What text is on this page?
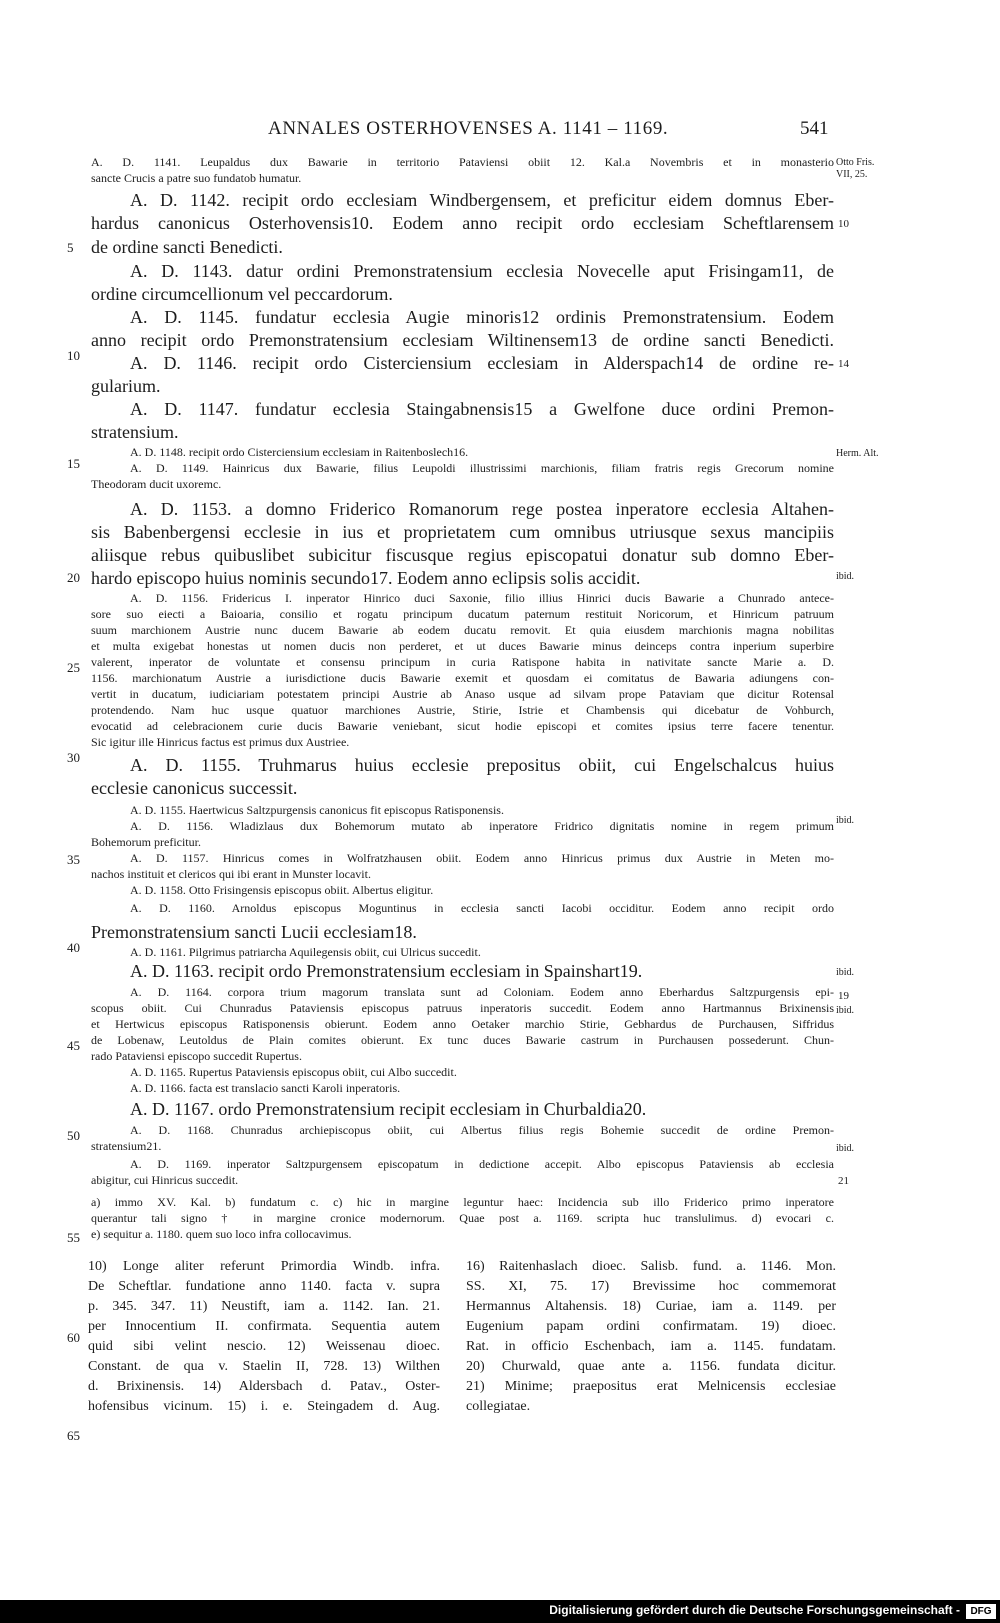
ANNALES OSTERHOVENSES A. 1141 – 1169.	541
A. D. 1141. Leupaldus dux Bawarie in territorio Pataviensi obiit 12. Kal.a Novembris et in monasterio
sancte Crucis a patre suo fundatob humatur.
A. D. 1142. recipit ordo ecclesiam Windbergensem, et preficitur eidem domnus Eber-
hardus canonicus Osterhovensis10. Eodem anno recipit ordo ecclesiam Scheftlarensem
de ordine sancti Benedicti.
A. D. 1143. datur ordini Premonstratensium ecclesia Novecelle aput Frisingam11, de
ordine circumcellionum vel peccardorum.
A. D. 1145. fundatur ecclesia Augie minoris12 ordinis Premonstratensium. Eodem
anno recipit ordo Premonstratensium ecclesiam Wiltinensem13 de ordine sancti Benedicti.
A. D. 1146. recipit ordo Cisterciensium ecclesiam in Alderspach14 de ordine re-
gularium.
A. D. 1147. fundatur ecclesia Staingabnensis15 a Gwelfone duce ordini Premon-
stratensium.
A. D. 1148. recipit ordo Cisterciensium ecclesiam in Raitenboslech16.
A. D. 1149. Hainricus dux Bawarie, filius Leupoldi illustrissimi marchionis, filiam fratris regis Grecorum nomine
Theodoram ducit uxoremc.
A. D. 1153. a domno Friderico Romanorum rege postea inperatore ecclesia Altahen-
sis Babenbergensi ecclesie in ius et proprietatem cum omnibus utriusque sexus mancipiis
aliisque rebus quibuslibet subicitur fiscusque regius episcopatui donatur sub domno Eber-
hardo episcopo huius nominis secundo17. Eodem anno eclipsis solis accidit.
A. D. 1156. Fridericus I. inperator Hinrico duci Saxonie, filio illius Hinrici ducis Bawarie a Chunrado antece-
sore suo eiecti a Baioaria, consilio et rogatu principum ducatum paternum restituit Noricorum, et Hinricum patruum
suum marchionem Austrie nunc ducem Bawarie ab eodem ducatu removit. Et quia eiusdem marchionis magna nobilitas
et multa exigebat honestas ut nomen ducis non perderet, et ut duces Bawarie minus deinceps contra inperium superbire
valerent, inperator de voluntate et consensu principum in curia Ratispone habita in nativitate sancte Marie a. D.
1156. marchionatum Austrie a iurisdictione ducis Bawarie exemit et quosdam ei comitatus de Bawaria adiungens con-
vertit in ducatum, iudiciariam potestatem principi Austrie ab Anaso usque ad silvam prope Pataviam que dicitur Rotensal
protendendo. Nam huc usque quatuor marchiones Austrie, Stirie, Istrie et Chambensis qui dicebatur de Vohburch,
evocatid ad celebracionem curie ducis Bawarie veniebant, sicut hodie episcopi et comites ipsius terre facere tenentur.
Sic igitur ille Hinricus factus est primus dux Austriee.
A. D. 1155. Truhmarus huius ecclesie prepositus obiit, cui Engelschalcus huius
ecclesie canonicus successit.
A. D. 1155. Haertwicus Saltzpurgensis canonicus fit episcopus Ratisponensis.
A. D. 1156. Wladizlaus dux Bohemorum mutato ab inperatore Fridrico dignitatis nomine in regem primum
Bohemorum preficitur.
A. D. 1157. Hinricus comes in Wolfratzhausen obiit. Eodem anno Hinricus primus dux Austrie in Meten mo-
nachos instituit et clericos qui ibi erant in Munster locavit.
A. D. 1158. Otto Frisingensis episcopus obiit. Albertus eligitur.
A. D. 1160. Arnoldus episcopus Moguntinus in ecclesia sancti Iacobi occiditur. Eodem anno recipit ordo
Premonstratensium sancti Lucii ecclesiam18.
A. D. 1161. Pilgrimus patriarcha Aquilegensis obiit, cui Ulricus succedit.
A. D. 1163. recipit ordo Premonstratensium ecclesiam in Spainshart19.
A. D. 1164. corpora trium magorum translata sunt ad Coloniam. Eodem anno Eberhardus Saltzpurgensis epi-
scopus obiit. Cui Chunradus Pataviensis episcopus patruus inperatoris succedit. Eodem anno Hartmannus Brixinensis
et Hertwicus episcopus Ratisponensis obierunt. Eodem anno Oetaker marchio Stirie, Gebhardus de Purchausen, Siffridus
de Lobenaw, Leutoldus de Plain comites obierunt. Ex tunc duces Bawarie castrum in Purchausen possederunt. Chun-
rado Pataviensi episcopo succedit Rupertus.
A. D. 1165. Rupertus Pataviensis episcopus obiit, cui Albo succedit.
A. D. 1166. facta est translacio sancti Karoli inperatoris.
A. D. 1167. ordo Premonstratensium recipit ecclesiam in Churbaldia20.
A. D. 1168. Chunradus archiepiscopus obiit, cui Albertus filius regis Bohemie succedit de ordine Premon-
stratensium21.
A. D. 1169. inperator Saltzpurgensem episcopatum in dedictione accepit. Albo episcopus Pataviensis ab ecclesia
abigitur, cui Hinricus succedit.
a) immo XV. Kal. b) fundatum c. c) hic in margine leguntur haec: Incidencia sub illo Friderico primo inperatore
querantur tali signo † in margine cronice modernorum. Quae post a. 1169. scripta huc translulimus. d) evocari c.
e) sequitur a. 1180. quem suo loco infra collocavimus.
5
10
15
20
25
30
35
40
45
50
55
60
65
10
14
19
21
Otto Fris.
VII, 25.
Herm. Alt.
ibid.
ibid.
ibid.
ibid.
ibid.
10) Longe aliter referunt Primordia Windb. infra.
De Scheftlar. fundatione anno 1140. facta v. supra
p. 345. 347. 11) Neustift, iam a. 1142. Ian. 21.
per Innocentium II. confirmata. Sequentia autem
quid sibi velint nescio. 12) Weissenau dioec.
Constant. de qua v. Staelin II, 728. 13) Wilthen
d. Brixinensis. 14) Aldersbach d. Patav., Oster-
hofensibus vicinum. 15) i. e. Steingadem d. Aug.
16) Raitenhaslach dioec. Salisb. fund. a. 1146. Mon.
SS. XI, 75. 17) Brevissime hoc commemorat
Hermannus Altahensis. 18) Curiae, iam a. 1149. per
Eugenium papam ordini confirmatam. 19) dioec.
Rat. in officio Eschenbach, iam a. 1145. fundatam.
20) Churwald, quae ante a. 1156. fundata dicitur.
21) Minime; praepositus erat Melnicensis ecclesiae
collegiatae.
Digitalisierung gefördert durch die Deutsche Forschungsgemeinschaft -	DFG
